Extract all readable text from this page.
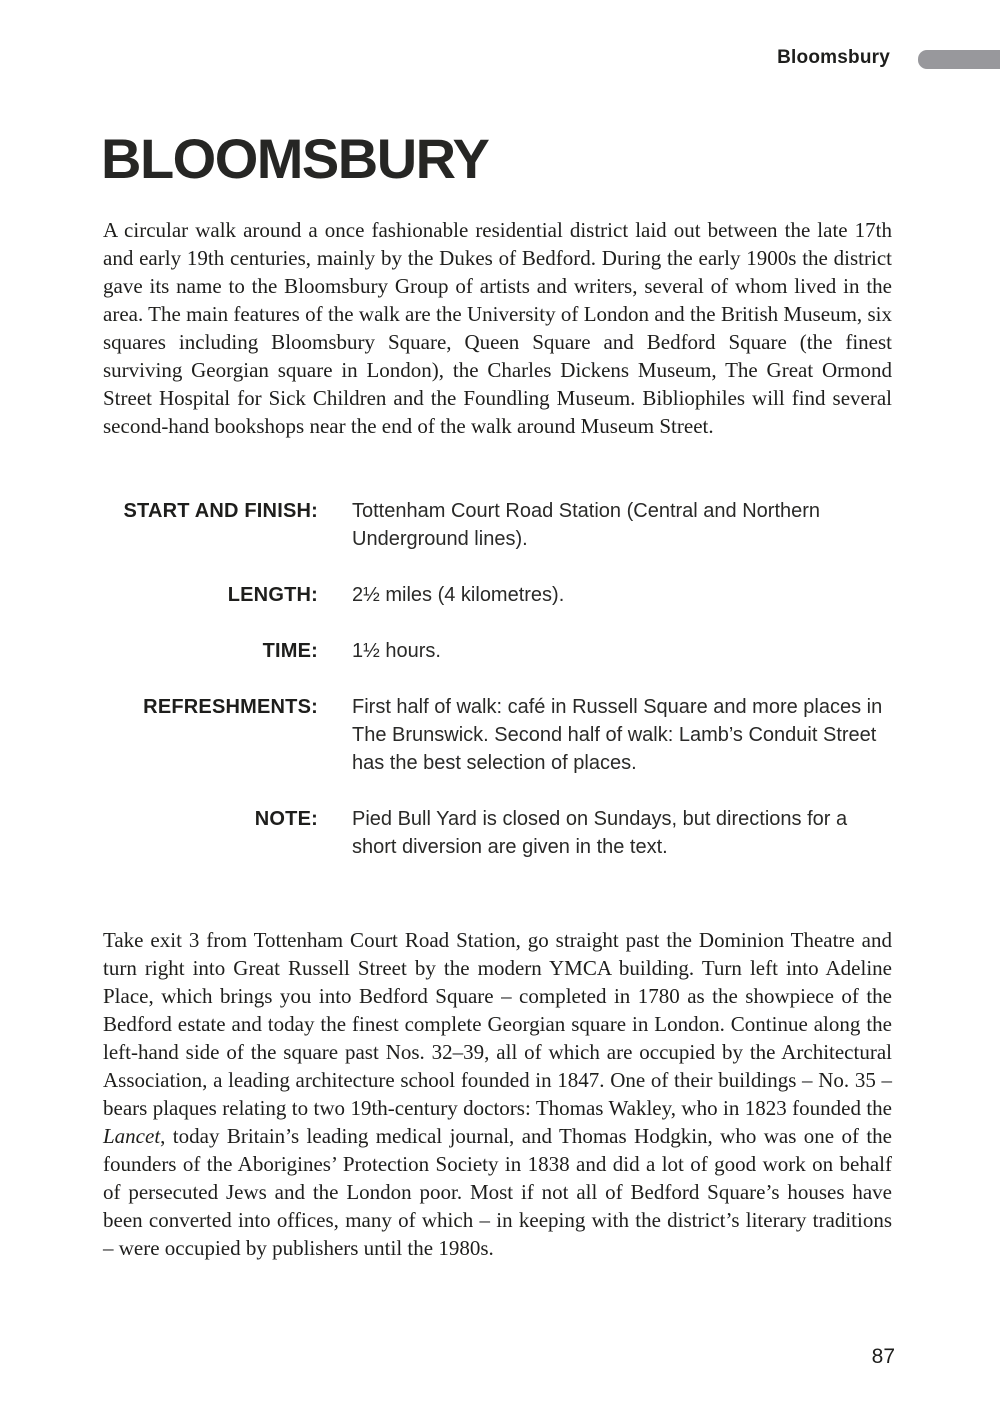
Bloomsbury
BLOOMSBURY

A circular walk around a once fashionable residential district laid out between the late 17th and early 19th centuries, mainly by the Dukes of Bedford. During the early 1900s the district gave its name to the Bloomsbury Group of artists and writers, several of whom lived in the area. The main features of the walk are the University of London and the British Museum, six squares including Bloomsbury Square, Queen Square and Bedford Square (the finest surviving Georgian square in London), the Charles Dickens Museum, The Great Ormond Street Hospital for Sick Children and the Foundling Museum. Bibliophiles will find several second-hand bookshops near the end of the walk around Museum Street.

START AND FINISH: Tottenham Court Road Station (Central and Northern Underground lines).
LENGTH: 2½ miles (4 kilometres).
TIME: 1½ hours.
REFRESHMENTS: First half of walk: café in Russell Square and more places in The Brunswick. Second half of walk: Lamb’s Conduit Street has the best selection of places.
NOTE: Pied Bull Yard is closed on Sundays, but directions for a short diversion are given in the text.

Take exit 3 from Tottenham Court Road Station, go straight past the Dominion Theatre and turn right into Great Russell Street by the modern YMCA building. Turn left into Adeline Place, which brings you into Bedford Square – completed in 1780 as the showpiece of the Bedford estate and today the finest complete Georgian square in London. Continue along the left-hand side of the square past Nos. 32–39, all of which are occupied by the Architectural Association, a leading architecture school founded in 1847. One of their buildings – No. 35 – bears plaques relating to two 19th-century doctors: Thomas Wakley, who in 1823 founded the Lancet, today Britain’s leading medical journal, and Thomas Hodgkin, who was one of the founders of the Aborigines’ Protection Society in 1838 and did a lot of good work on behalf of persecuted Jews and the London poor. Most if not all of Bedford Square’s houses have been converted into offices, many of which – in keeping with the district’s literary traditions – were occupied by publishers until the 1980s.

87
